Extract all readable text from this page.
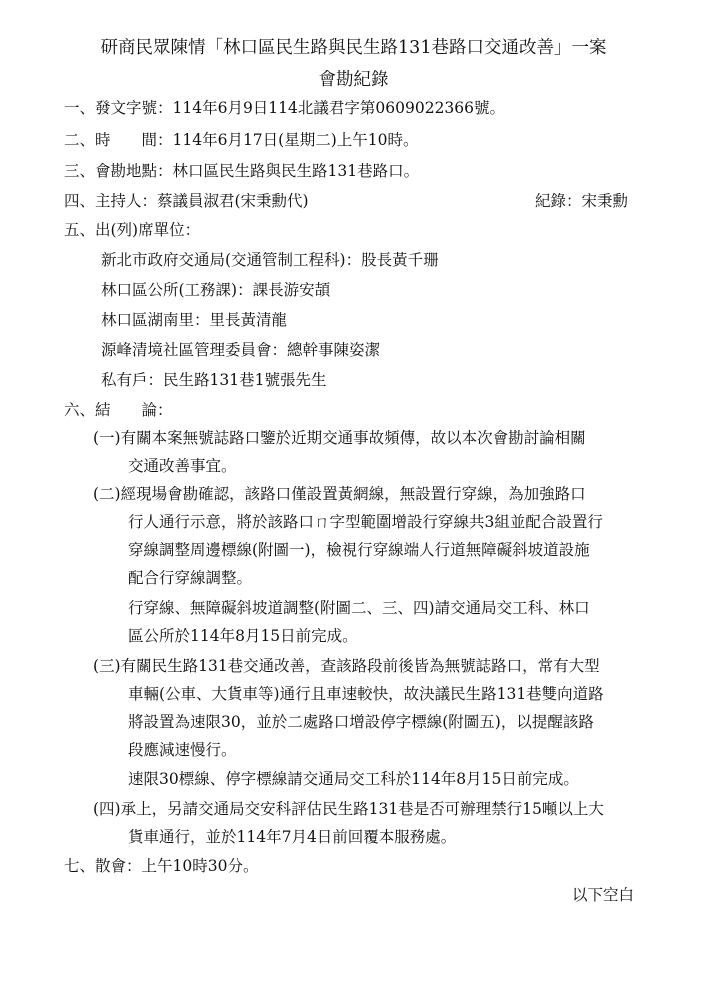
研商民眾陳情「林口區民生路與民生路131巷路口交通改善」一案
會勘紀錄
一、發文字號：114年6月9日114北議君字第0609022366號。
二、時　　間：114年6月17日(星期二)上午10時。
三、會勘地點：林口區民生路與民生路131巷路口。
四、主持人：蔡議員淑君(宋秉勳代)	紀錄：宋秉勳
五、出(列)席單位：
新北市政府交通局(交通管制工程科)：股長黃千珊
林口區公所(工務課)：課長游安頡
林口區湖南里：里長黃清龍
源峰清境社區管理委員會：總幹事陳姿潔
私有戶：民生路131巷1號張先生
六、結　　論：
(一)有關本案無號誌路口鑒於近期交通事故頻傳，故以本次會勘討論相關
交通改善事宜。
(二)經現場會勘確認，該路口僅設置黃網線，無設置行穿線，為加強路口
行人通行示意，將於該路口ㄇ字型範圍增設行穿線共3組並配合設置行
穿線調整周邊標線(附圖一)，檢視行穿線端人行道無障礙斜坡道設施
配合行穿線調整。
行穿線、無障礙斜坡道調整(附圖二、三、四)請交通局交工科、林口
區公所於114年8月15日前完成。
(三)有關民生路131巷交通改善，查該路段前後皆為無號誌路口，常有大型
車輛(公車、大貨車等)通行且車速較快，故決議民生路131巷雙向道路
將設置為速限30，並於二處路口增設停字標線(附圖五)，以提醒該路
段應減速慢行。
速限30標線、停字標線請交通局交工科於114年8月15日前完成。
(四)承上，另請交通局交安科評估民生路131巷是否可辦理禁行15噸以上大
貨車通行，並於114年7月4日前回覆本服務處。
七、散會：上午10時30分。
以下空白
